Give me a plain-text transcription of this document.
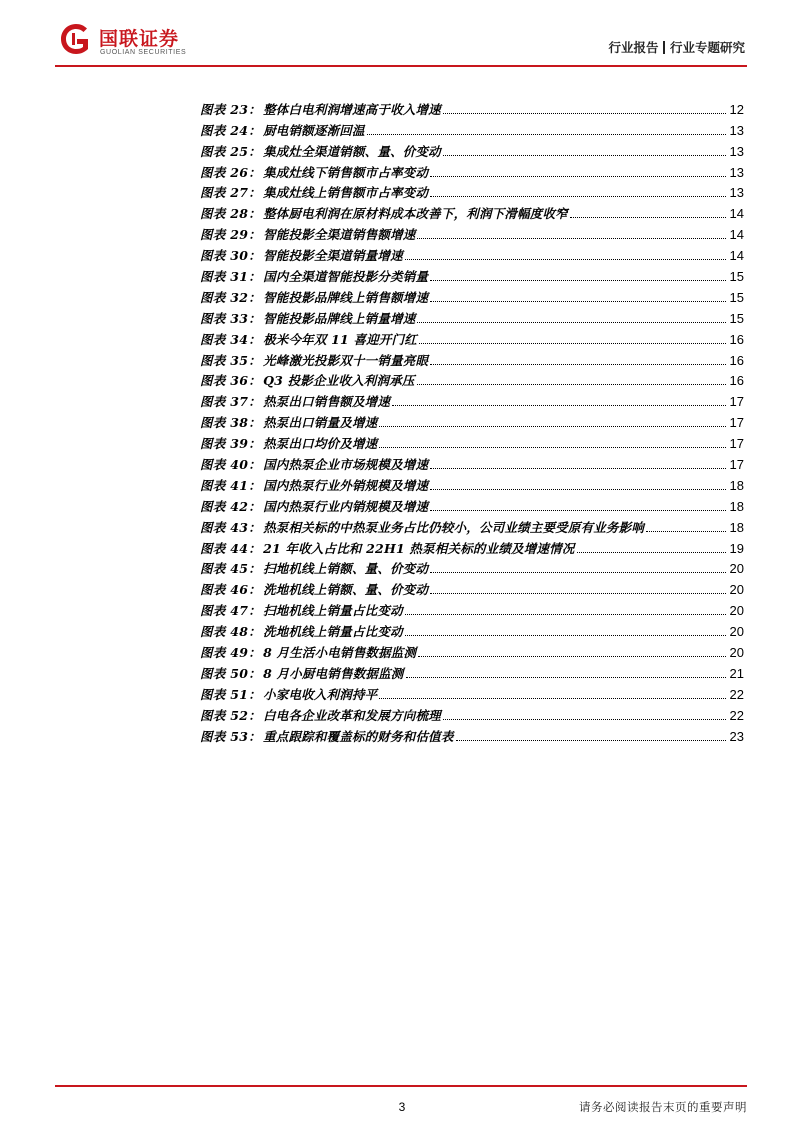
国联证券
GUOLIAN SECURITIES	行业报告 行业专题研究
图表 23： 整体白电利润增速高于收入增速	12
图表 24： 厨电销额逐渐回温	13
图表 25： 集成灶全渠道销额、量、价变动	13
图表 26： 集成灶线下销售额市占率变动	13
图表 27： 集成灶线上销售额市占率变动	13
图表 28： 整体厨电利润在原材料成本改善下，利润下滑幅度收窄	14
图表 29： 智能投影全渠道销售额增速	14
图表 30： 智能投影全渠道销量增速	14
图表 31： 国内全渠道智能投影分类销量	15
图表 32： 智能投影品牌线上销售额增速	15
图表 33： 智能投影品牌线上销量增速	15
图表 34： 极米今年双 11 喜迎开门红	16
图表 35： 光峰激光投影双十一销量亮眼	16
图表 36： Q3 投影企业收入利润承压	16
图表 37： 热泵出口销售额及增速	17
图表 38： 热泵出口销量及增速	17
图表 39： 热泵出口均价及增速	17
图表 40： 国内热泵企业市场规模及增速	17
图表 41： 国内热泵行业外销规模及增速	18
图表 42： 国内热泵行业内销规模及增速	18
图表 43： 热泵相关标的中热泵业务占比仍较小，公司业绩主要受原有业务影响	18
图表 44： 21 年收入占比和 22H1 热泵相关标的业绩及增速情况	19
图表 45： 扫地机线上销额、量、价变动	20
图表 46： 洗地机线上销额、量、价变动	20
图表 47： 扫地机线上销量占比变动	20
图表 48： 洗地机线上销量占比变动	20
图表 49： 8 月生活小电销售数据监测	20
图表 50： 8 月小厨电销售数据监测	21
图表 51： 小家电收入利润持平	22
图表 52： 白电各企业改革和发展方向梳理	22
图表 53： 重点跟踪和覆盖标的财务和估值表	23
3	请务必阅读报告末页的重要声明
